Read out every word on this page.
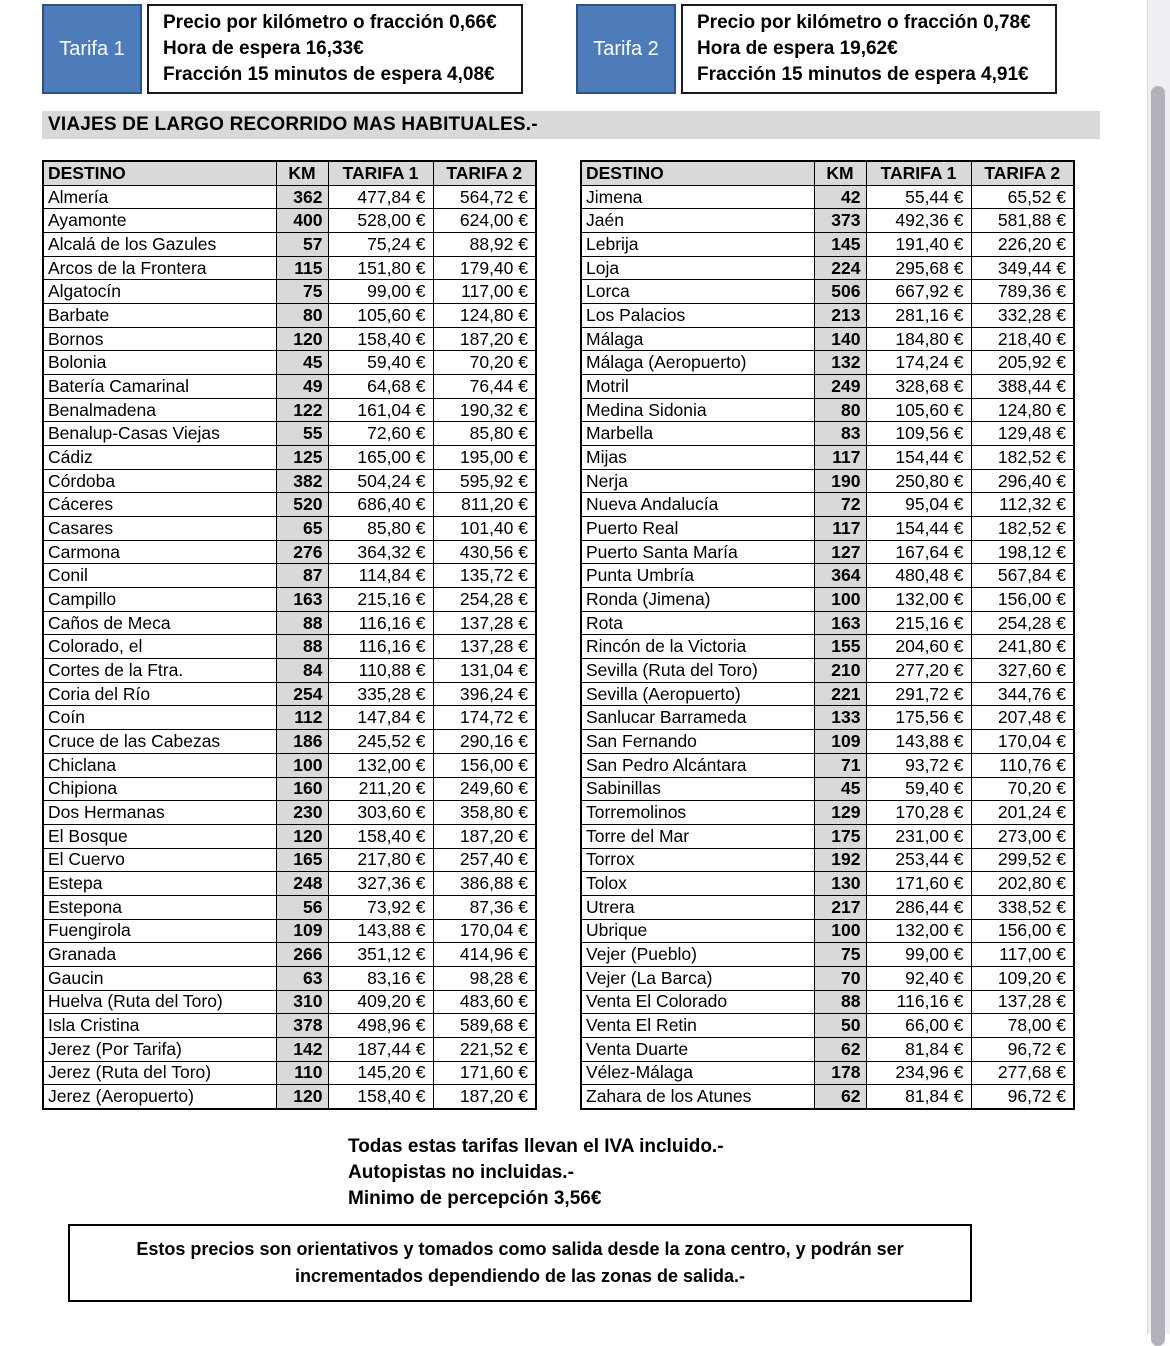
Tarifa 1
Precio por kilómetro o fracción 0,66€
Hora de espera 16,33€
Fracción 15 minutos de espera 4,08€
Tarifa 2
Precio por kilómetro o fracción 0,78€
Hora de espera 19,62€
Fracción 15 minutos de espera 4,91€
VIAJES DE LARGO RECORRIDO MAS HABITUALES.-
DESTINO	KM	TARIFA 1	TARIFA 2
Almería	362	477,84 €	564,72 €
Ayamonte	400	528,00 €	624,00 €
Alcalá de los Gazules	57	75,24 €	88,92 €
Arcos de la Frontera	115	151,80 €	179,40 €
Algatocín	75	99,00 €	117,00 €
Barbate	80	105,60 €	124,80 €
Bornos	120	158,40 €	187,20 €
Bolonia	45	59,40 €	70,20 €
Batería Camarinal	49	64,68 €	76,44 €
Benalmadena	122	161,04 €	190,32 €
Benalup-Casas Viejas	55	72,60 €	85,80 €
Cádiz	125	165,00 €	195,00 €
Córdoba	382	504,24 €	595,92 €
Cáceres	520	686,40 €	811,20 €
Casares	65	85,80 €	101,40 €
Carmona	276	364,32 €	430,56 €
Conil	87	114,84 €	135,72 €
Campillo	163	215,16 €	254,28 €
Caños de Meca	88	116,16 €	137,28 €
Colorado, el	88	116,16 €	137,28 €
Cortes de la Ftra.	84	110,88 €	131,04 €
Coria del Río	254	335,28 €	396,24 €
Coín	112	147,84 €	174,72 €
Cruce de las Cabezas	186	245,52 €	290,16 €
Chiclana	100	132,00 €	156,00 €
Chipiona	160	211,20 €	249,60 €
Dos Hermanas	230	303,60 €	358,80 €
El Bosque	120	158,40 €	187,20 €
El Cuervo	165	217,80 €	257,40 €
Estepa	248	327,36 €	386,88 €
Estepona	56	73,92 €	87,36 €
Fuengirola	109	143,88 €	170,04 €
Granada	266	351,12 €	414,96 €
Gaucin	63	83,16 €	98,28 €
Huelva (Ruta del Toro)	310	409,20 €	483,60 €
Isla Cristina	378	498,96 €	589,68 €
Jerez (Por Tarifa)	142	187,44 €	221,52 €
Jerez (Ruta del Toro)	110	145,20 €	171,60 €
Jerez (Aeropuerto)	120	158,40 €	187,20 €
DESTINO	KM	TARIFA 1	TARIFA 2
Jimena	42	55,44 €	65,52 €
Jaén	373	492,36 €	581,88 €
Lebrija	145	191,40 €	226,20 €
Loja	224	295,68 €	349,44 €
Lorca	506	667,92 €	789,36 €
Los Palacios	213	281,16 €	332,28 €
Málaga	140	184,80 €	218,40 €
Málaga (Aeropuerto)	132	174,24 €	205,92 €
Motril	249	328,68 €	388,44 €
Medina Sidonia	80	105,60 €	124,80 €
Marbella	83	109,56 €	129,48 €
Mijas	117	154,44 €	182,52 €
Nerja	190	250,80 €	296,40 €
Nueva Andalucía	72	95,04 €	112,32 €
Puerto Real	117	154,44 €	182,52 €
Puerto Santa María	127	167,64 €	198,12 €
Punta Umbría	364	480,48 €	567,84 €
Ronda (Jimena)	100	132,00 €	156,00 €
Rota	163	215,16 €	254,28 €
Rincón de la Victoria	155	204,60 €	241,80 €
Sevilla (Ruta del Toro)	210	277,20 €	327,60 €
Sevilla (Aeropuerto)	221	291,72 €	344,76 €
Sanlucar Barrameda	133	175,56 €	207,48 €
San Fernando	109	143,88 €	170,04 €
San Pedro Alcántara	71	93,72 €	110,76 €
Sabinillas	45	59,40 €	70,20 €
Torremolinos	129	170,28 €	201,24 €
Torre del Mar	175	231,00 €	273,00 €
Torrox	192	253,44 €	299,52 €
Tolox	130	171,60 €	202,80 €
Utrera	217	286,44 €	338,52 €
Ubrique	100	132,00 €	156,00 €
Vejer (Pueblo)	75	99,00 €	117,00 €
Vejer (La Barca)	70	92,40 €	109,20 €
Venta El Colorado	88	116,16 €	137,28 €
Venta El Retin	50	66,00 €	78,00 €
Venta Duarte	62	81,84 €	96,72 €
Vélez-Málaga	178	234,96 €	277,68 €
Zahara de los Atunes	62	81,84 €	96,72 €
Todas estas tarifas llevan el IVA incluido.-
Autopistas no incluidas.-
Minimo de percepción 3,56€
Estos precios son orientativos y tomados como salida desde la zona centro, y podrán ser incrementados dependiendo de las zonas de salida.-
